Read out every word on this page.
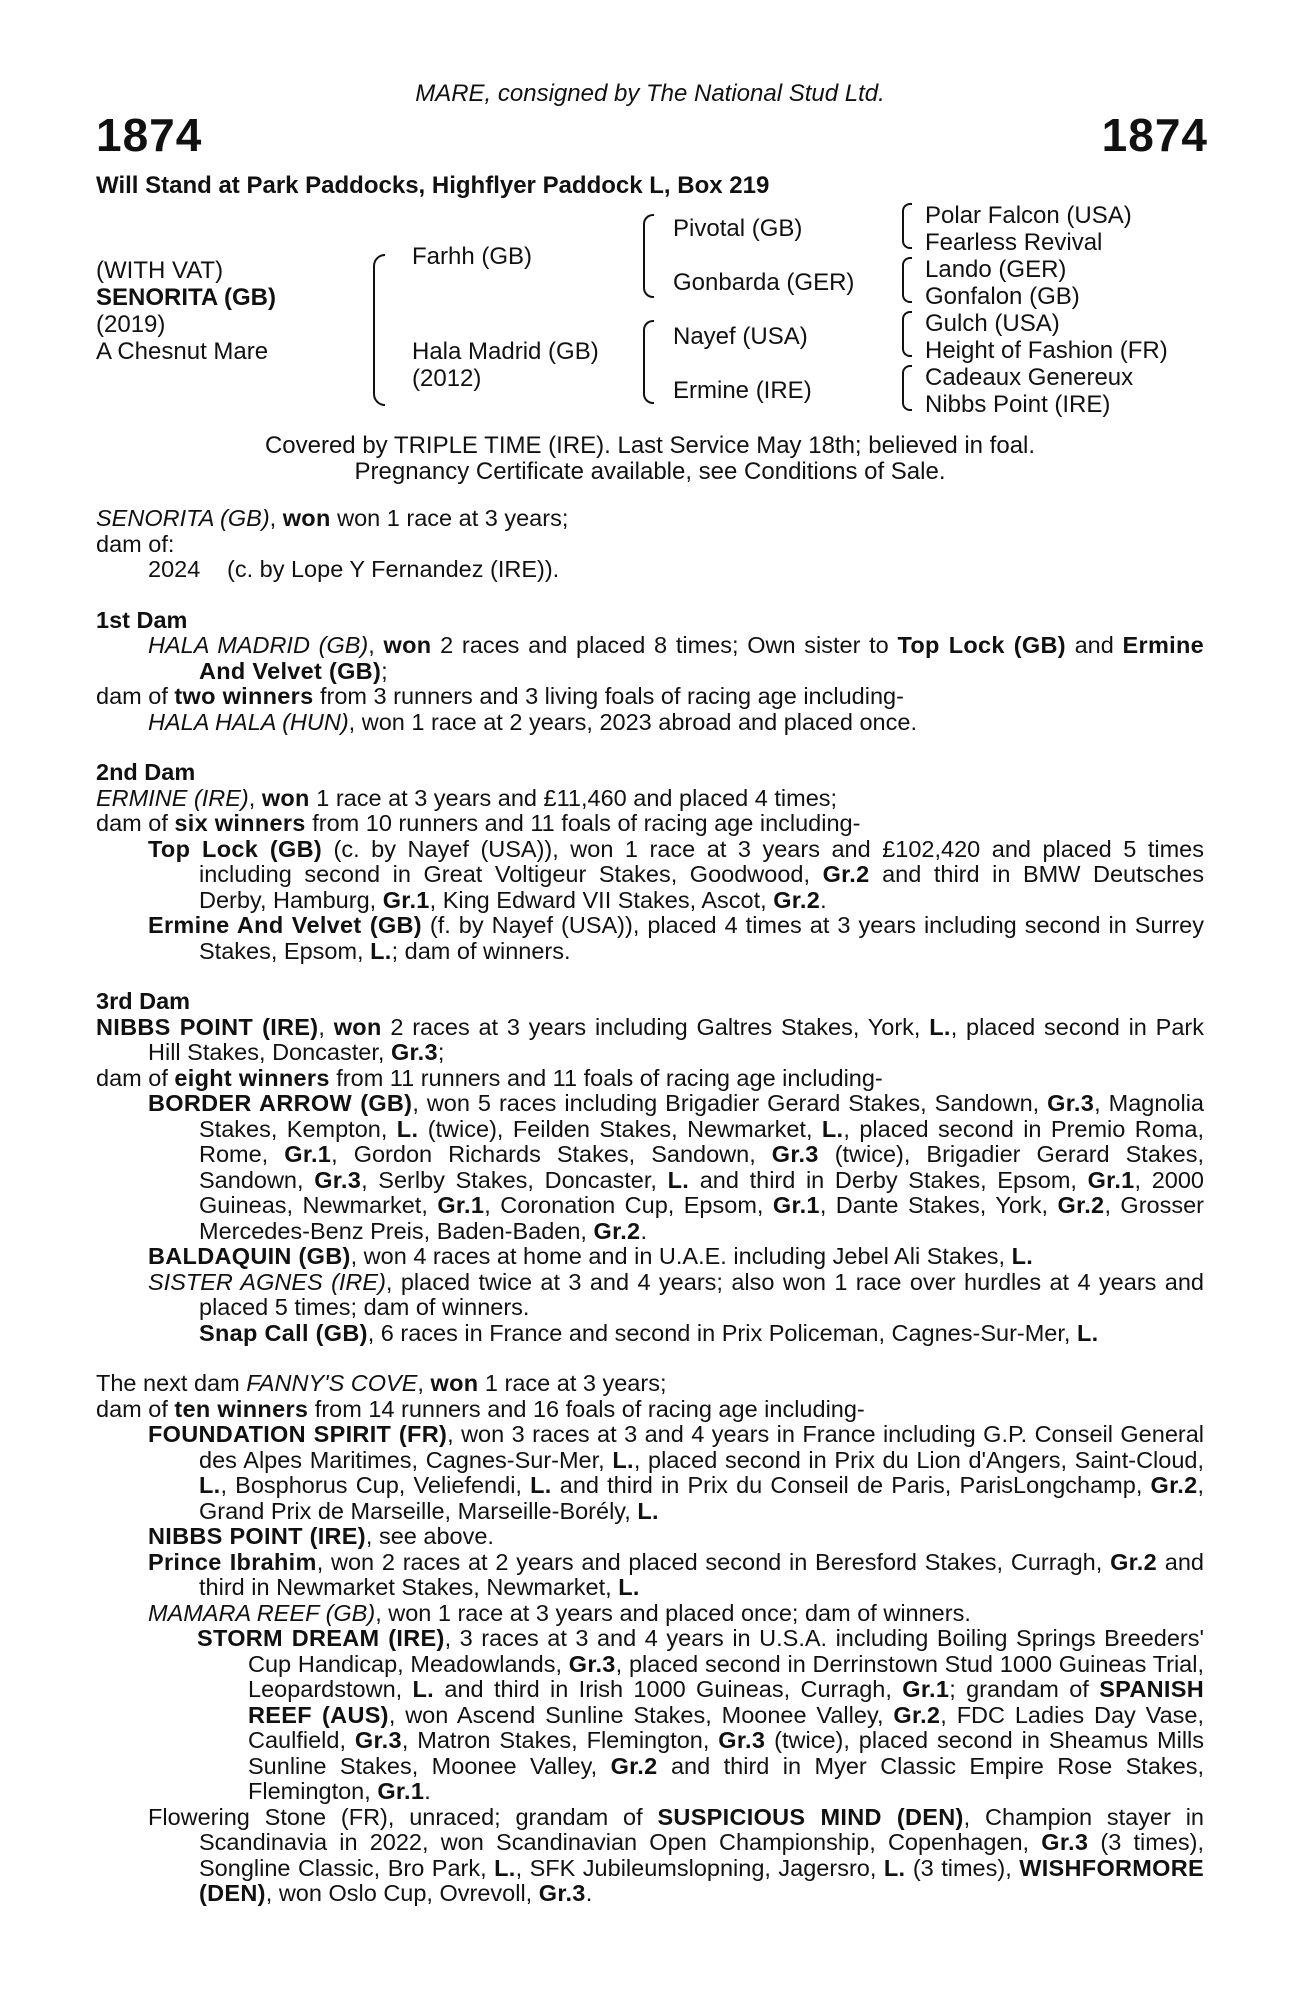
MARE, consigned by The National Stud Ltd.
1874	1874
Will Stand at Park Paddocks, Highflyer Paddock L, Box 219
(WITH VAT)
SENORITA (GB)
(2019)
A Chesnut Mare
Farhh (GB)
Hala Madrid (GB)
(2012)
Pivotal (GB)
Gonbarda (GER)
Nayef (USA)
Ermine (IRE)
Polar Falcon (USA)
Fearless Revival
Lando (GER)
Gonfalon (GB)
Gulch (USA)
Height of Fashion (FR)
Cadeaux Genereux
Nibbs Point (IRE)
Covered by TRIPLE TIME (IRE). Last Service May 18th; believed in foal.
Pregnancy Certificate available, see Conditions of Sale.

SENORITA (GB), won won 1 race at 3 years;

dam of:

2024 (c. by Lope Y Fernandez (IRE)).

1st Dam

HALA MADRID (GB), won 2 races and placed 8 times; Own sister to Top Lock (GB) and Ermine And Velvet (GB);

dam of two winners from 3 runners and 3 living foals of racing age including-

HALA HALA (HUN), won 1 race at 2 years, 2023 abroad and placed once.

2nd Dam

ERMINE (IRE), won 1 race at 3 years and £11,460 and placed 4 times;

dam of six winners from 10 runners and 11 foals of racing age including-

Top Lock (GB) (c. by Nayef (USA)), won 1 race at 3 years and £102,420 and placed 5 times including second in Great Voltigeur Stakes, Goodwood, Gr.2 and third in BMW Deutsches Derby, Hamburg, Gr.1, King Edward VII Stakes, Ascot, Gr.2.

Ermine And Velvet (GB) (f. by Nayef (USA)), placed 4 times at 3 years including second in Surrey Stakes, Epsom, L.; dam of winners.

3rd Dam

NIBBS POINT (IRE), won 2 races at 3 years including Galtres Stakes, York, L., placed second in Park Hill Stakes, Doncaster, Gr.3;

dam of eight winners from 11 runners and 11 foals of racing age including-

BORDER ARROW (GB), won 5 races including Brigadier Gerard Stakes, Sandown, Gr.3, Magnolia Stakes, Kempton, L. (twice), Feilden Stakes, Newmarket, L., placed second in Premio Roma, Rome, Gr.1, Gordon Richards Stakes, Sandown, Gr.3 (twice), Brigadier Gerard Stakes, Sandown, Gr.3, Serlby Stakes, Doncaster, L. and third in Derby Stakes, Epsom, Gr.1, 2000 Guineas, Newmarket, Gr.1, Coronation Cup, Epsom, Gr.1, Dante Stakes, York, Gr.2, Grosser Mercedes-Benz Preis, Baden-Baden, Gr.2.

BALDAQUIN (GB), won 4 races at home and in U.A.E. including Jebel Ali Stakes, L.

SISTER AGNES (IRE), placed twice at 3 and 4 years; also won 1 race over hurdles at 4 years and placed 5 times; dam of winners.

Snap Call (GB), 6 races in France and second in Prix Policeman, Cagnes-Sur-Mer, L.

The next dam FANNY'S COVE, won 1 race at 3 years;

dam of ten winners from 14 runners and 16 foals of racing age including-

FOUNDATION SPIRIT (FR), won 3 races at 3 and 4 years in France including G.P. Conseil General des Alpes Maritimes, Cagnes-Sur-Mer, L., placed second in Prix du Lion d'Angers, Saint-Cloud, L., Bosphorus Cup, Veliefendi, L. and third in Prix du Conseil de Paris, ParisLongchamp, Gr.2, Grand Prix de Marseille, Marseille-Borély, L.

NIBBS POINT (IRE), see above.

Prince Ibrahim, won 2 races at 2 years and placed second in Beresford Stakes, Curragh, Gr.2 and third in Newmarket Stakes, Newmarket, L.

MAMARA REEF (GB), won 1 race at 3 years and placed once; dam of winners.

STORM DREAM (IRE), 3 races at 3 and 4 years in U.S.A. including Boiling Springs Breeders' Cup Handicap, Meadowlands, Gr.3, placed second in Derrinstown Stud 1000 Guineas Trial, Leopardstown, L. and third in Irish 1000 Guineas, Curragh, Gr.1; grandam of SPANISH REEF (AUS), won Ascend Sunline Stakes, Moonee Valley, Gr.2, FDC Ladies Day Vase, Caulfield, Gr.3, Matron Stakes, Flemington, Gr.3 (twice), placed second in Sheamus Mills Sunline Stakes, Moonee Valley, Gr.2 and third in Myer Classic Empire Rose Stakes, Flemington, Gr.1.

Flowering Stone (FR), unraced; grandam of SUSPICIOUS MIND (DEN), Champion stayer in Scandinavia in 2022, won Scandinavian Open Championship, Copenhagen, Gr.3 (3 times), Songline Classic, Bro Park, L., SFK Jubileumslopning, Jagersro, L. (3 times), WISHFORMORE (DEN), won Oslo Cup, Ovrevoll, Gr.3.
